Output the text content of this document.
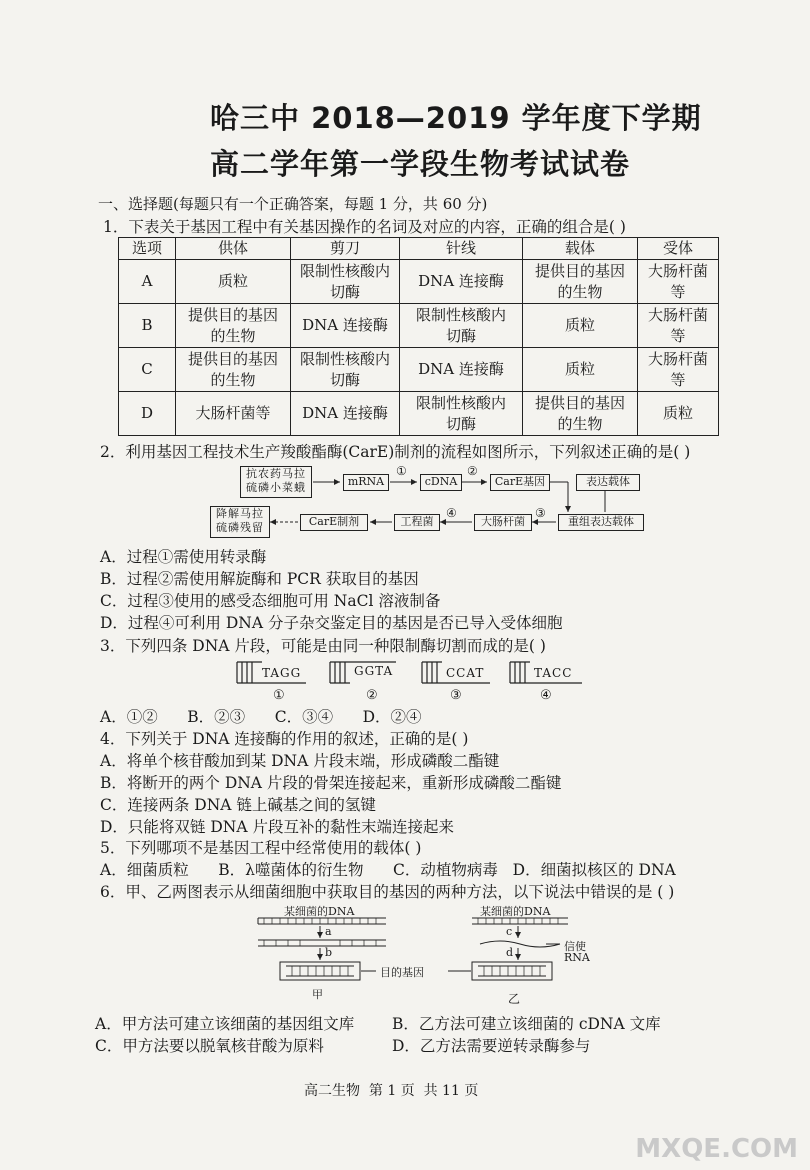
哈三中 2018—2019 学年度下学期
高二学年第一学段生物考试试卷
一、选择题(每题只有一个正确答案，每题 1 分，共 60 分)
1．下表关于基因工程中有关基因操作的名词及对应的内容，正确的组合是( )
选项	供体	剪刀	针线	载体	受体
A	质粒	限制性核酸内切酶	DNA 连接酶	提供目的基因的生物	大肠杆菌等
B	提供目的基因的生物	DNA 连接酶	限制性核酸内切酶	质粒	大肠杆菌等
C	提供目的基因的生物	限制性核酸内切酶	DNA 连接酶	质粒	大肠杆菌等
D	大肠杆菌等	DNA 连接酶	限制性核酸内切酶	提供目的基因的生物	质粒
2．利用基因工程技术生产羧酸酯酶(CarE)制剂的流程如图所示，下列叙述正确的是( )
抗农药马拉硫磷小菜蛾	mRNA	cDNA	CarE基因	表达载体
重组表达载体
大肠杆菌
工程菌
CarE制剂
降解马拉硫磷残留
①	②
③
④
A．过程①需使用转录酶
B．过程②需使用解旋酶和 PCR 获取目的基因
C．过程③使用的感受态细胞可用 NaCl 溶液制备
D．过程④可利用 DNA 分子杂交鉴定目的基因是否已导入受体细胞
3．下列四条 DNA 片段，可能是由同一种限制酶切割而成的是( )
TAGG	GGTA	CCAT	TACC
①	②	③	④
A．①②      B．②③      C．③④      D．②④
4．下列关于 DNA 连接酶的作用的叙述，正确的是( )
A．将单个核苷酸加到某 DNA 片段末端，形成磷酸二酯键
B．将断开的两个 DNA 片段的骨架连接起来，重新形成磷酸二酯键
C．连接两条 DNA 链上碱基之间的氢键
D．只能将双链 DNA 片段互补的黏性末端连接起来
5．下列哪项不是基因工程中经常使用的载体( )
A．细菌质粒      B．λ噬菌体的衍生物      C．动植物病毒   D．细菌拟核区的 DNA
6．甲、乙两图表示从细菌细胞中获取目的基因的两种方法，以下说法中错误的是 ( )
某细菌的DNA	某细菌的DNA
a
b
c
d	信使
RNA
目的基因
甲	乙
A．甲方法可建立该细菌的基因组文库 B．乙方法可建立该细菌的 cDNA 文库
C．甲方法要以脱氧核苷酸为原料	D．乙方法需要逆转录酶参与
高二生物  第 1 页  共 11 页
MXQE.COM
